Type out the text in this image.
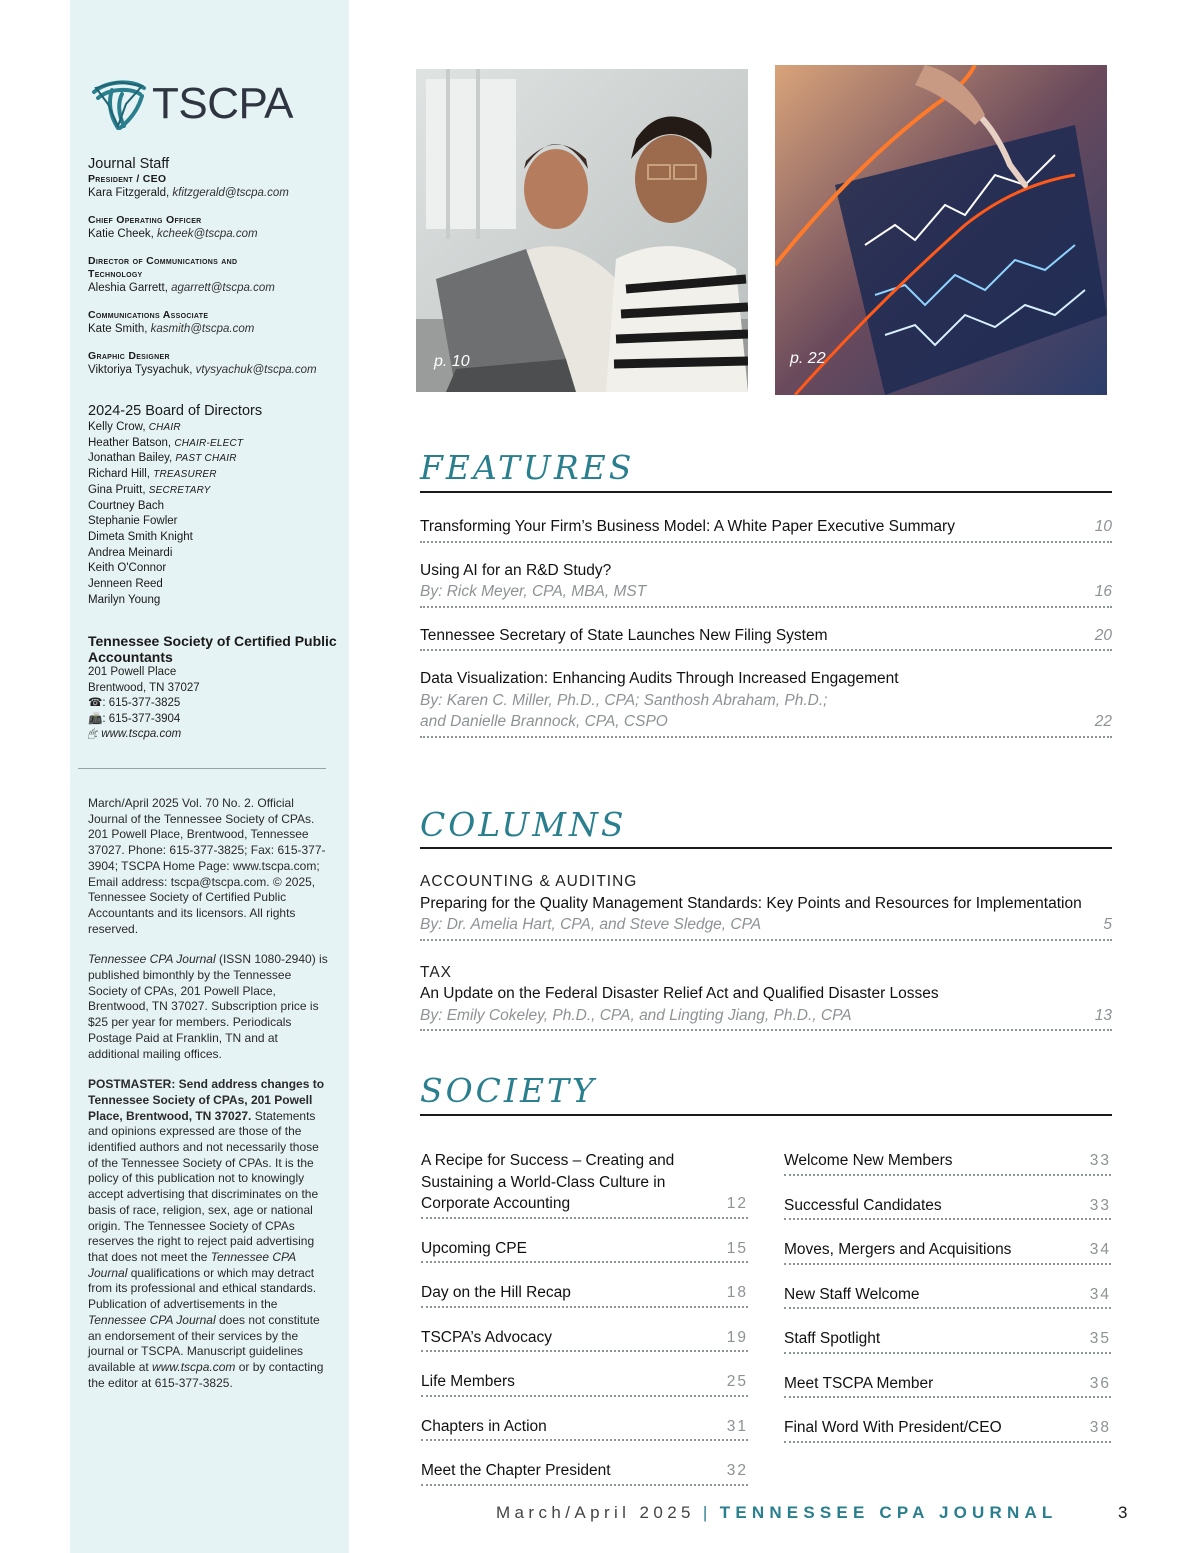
TSCPA
Journal Staff
President / CEO
Kara Fitzgerald, kfitzgerald@tscpa.com
Chief Operating Officer
Katie Cheek, kcheek@tscpa.com
Director of Communications and Technology
Aleshia Garrett, agarrett@tscpa.com
Communications Associate
Kate Smith, kasmith@tscpa.com
Graphic Designer
Viktoriya Tysyachuk, vtysyachuk@tscpa.com
2024-25 Board of Directors
Kelly Crow, CHAIR
Heather Batson, CHAIR-ELECT
Jonathan Bailey, PAST CHAIR
Richard Hill, TREASURER
Gina Pruitt, SECRETARY
Courtney Bach
Stephanie Fowler
Dimeta Smith Knight
Andrea Meinardi
Keith O'Connor
Jenneen Reed
Marilyn Young
Tennessee Society of Certified Public Accountants
201 Powell Place
Brentwood, TN 37027
☎: 615-377-3825
📠: 615-377-3904
🖱: www.tscpa.com

March/April 2025 Vol. 70 No. 2. Official Journal of the Tennessee Society of CPAs. 201 Powell Place, Brentwood, Tennessee 37027. Phone: 615-377-3825; Fax: 615-377-3904; TSCPA Home Page: www.tscpa.com; Email address: tscpa@tscpa.com. © 2025, Tennessee Society of Certified Public Accountants and its licensors. All rights reserved.

Tennessee CPA Journal (ISSN 1080-2940) is published bimonthly by the Tennessee Society of CPAs, 201 Powell Place, Brentwood, TN 37027. Subscription price is $25 per year for members. Periodicals Postage Paid at Franklin, TN and at additional mailing offices.

POSTMASTER: Send address changes to Tennessee Society of CPAs, 201 Powell Place, Brentwood, TN 37027. Statements and opinions expressed are those of the identified authors and not necessarily those of the Tennessee Society of CPAs. It is the policy of this publication not to knowingly accept advertising that discriminates on the basis of race, religion, sex, age or national origin. The Tennessee Society of CPAs reserves the right to reject paid advertising that does not meet the Tennessee CPA Journal qualifications or which may detract from its professional and ethical standards. Publication of advertisements in the Tennessee CPA Journal does not constitute an endorsement of their services by the journal or TSCPA. Manuscript guidelines available at www.tscpa.com or by contacting the editor at 615-377-3825.

p. 10	p. 22
FEATURES
Transforming Your Firm’s Business Model: A White Paper Executive Summary	10
Using AI for an R&D Study?
By: Rick Meyer, CPA, MBA, MST	16
Tennessee Secretary of State Launches New Filing System	20
Data Visualization: Enhancing Audits Through Increased Engagement
By: Karen C. Miller, Ph.D., CPA; Santhosh Abraham, Ph.D.;
and Danielle Brannock, CPA, CSPO	22
COLUMNS
ACCOUNTING & AUDITING
Preparing for the Quality Management Standards: Key Points and Resources for Implementation
By: Dr. Amelia Hart, CPA, and Steve Sledge, CPA	5
TAX
An Update on the Federal Disaster Relief Act and Qualified Disaster Losses
By: Emily Cokeley, Ph.D., CPA, and Lingting Jiang, Ph.D., CPA	13
SOCIETY
A Recipe for Success – Creating and Sustaining a World-Class Culture in Corporate Accounting	12
Upcoming CPE	15
Day on the Hill Recap	18
TSCPA’s Advocacy	19
Life Members	25
Chapters in Action	31
Meet the Chapter President	32
Welcome New Members	33
Successful Candidates	33
Moves, Mergers and Acquisitions	34
New Staff Welcome	34
Staff Spotlight	35
Meet TSCPA Member	36
Final Word With President/CEO	38
March/April 2025 | TENNESSEE CPA JOURNAL	3
